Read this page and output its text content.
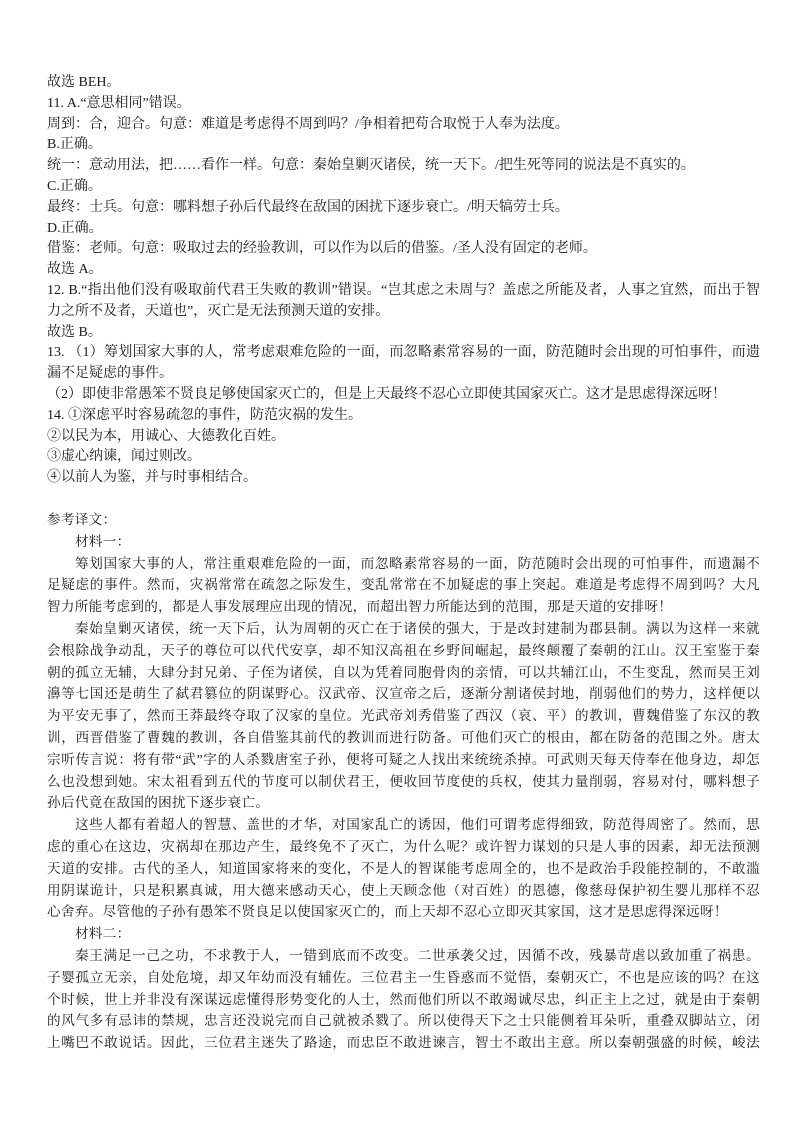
故选 BEH。
11. A.“意思相同”错误。
周到：合，迎合。句意：难道是考虑得不周到吗？/争相着把苟合取悦于人奉为法度。
B.正确。
统一：意动用法，把……看作一样。句意：秦始皇剿灭诸侯，统一天下。/把生死等同的说法是不真实的。
C.正确。
最终：士兵。句意：哪料想子孙后代最终在敌国的困扰下逐步衰亡。/明天犒劳士兵。
D.正确。
借鉴：老师。句意：吸取过去的经验教训，可以作为以后的借鉴。/圣人没有固定的老师。
故选 A。
12. B.“指出他们没有吸取前代君王失败的教训”错误。“岂其虑之未周与？盖虑之所能及者，人事之宜然，而出于智
力之所不及者，天道也”，灭亡是无法预测天道的安排。
故选 B。
13. （1）筹划国家大事的人，常考虑艰难危险的一面，而忽略素常容易的一面，防范随时会出现的可怕事件，而遗
漏不足疑虑的事件。
（2）即使非常愚笨不贤良足够使国家灭亡的，但是上天最终不忍心立即使其国家灭亡。这才是思虑得深远呀！
14. ①深虑平时容易疏忽的事件，防范灾祸的发生。
②以民为本，用诚心、大德教化百姓。
③虚心纳谏，闻过则改。
④以前人为鉴，并与时事相结合。
参考译文：
材料一：
筹划国家大事的人，常注重艰难危险的一面，而忽略素常容易的一面，防范随时会出现的可怕事件，而遗漏不
足疑虑的事件。然而，灾祸常常在疏忽之际发生，变乱常常在不加疑虑的事上突起。难道是考虑得不周到吗？大凡
智力所能考虑到的，都是人事发展理应出现的情况，而超出智力所能达到的范围，那是天道的安排呀！
秦始皇剿灭诸侯，统一天下后，认为周朝的灭亡在于诸侯的强大，于是改封建制为郡县制。满以为这样一来就
会根除战争动乱，天子的尊位可以代代安享，却不知汉高祖在乡野间崛起，最终颠覆了秦朝的江山。汉王室鉴于秦
朝的孤立无辅，大肆分封兄弟、子侄为诸侯，自以为凭着同胞骨肉的亲情，可以共辅江山，不生变乱，然而吴王刘
濞等七国还是萌生了弑君篡位的阴谋野心。汉武帝、汉宣帝之后，逐渐分割诸侯封地，削弱他们的势力，这样便以
为平安无事了，然而王莽最终夺取了汉家的皇位。光武帝刘秀借鉴了西汉（哀、平）的教训，曹魏借鉴了东汉的教
训，西晋借鉴了曹魏的教训，各自借鉴其前代的教训而进行防备。可他们灭亡的根由，都在防备的范围之外。唐太
宗听传言说：将有带“武”字的人杀戮唐室子孙，便将可疑之人找出来统统杀掉。可武则天每天侍奉在他身边，却怎
么也没想到她。宋太祖看到五代的节度可以制伏君王，便收回节度使的兵权，使其力量削弱，容易对付，哪料想子
孙后代竟在敌国的困扰下逐步衰亡。
这些人都有着超人的智慧、盖世的才华，对国家乱亡的诱因，他们可谓考虑得细致，防范得周密了。然而，思
虑的重心在这边，灾祸却在那边产生，最终免不了灭亡，为什么呢？或许智力谋划的只是人事的因素，却无法预测
天道的安排。古代的圣人，知道国家将来的变化，不是人的智谋能考虑周全的，也不是政治手段能控制的，不敢滥
用阴谋诡计，只是积累真诚，用大德来感动天心，使上天顾念他（对百姓）的恩德，像慈母保护初生婴儿那样不忍
心舍弃。尽管他的子孙有愚笨不贤良足以使国家灭亡的，而上天却不忍心立即灭其家国，这才是思虑得深远呀！
材料二：
秦王满足一己之功，不求教于人，一错到底而不改变。二世承袭父过，因循不改，残暴苛虐以致加重了祸患。
子婴孤立无亲，自处危境，却又年幼而没有辅佐。三位君主一生昏惑而不觉悟，秦朝灭亡，不也是应该的吗？在这
个时候，世上并非没有深谋远虑懂得形势变化的人士，然而他们所以不敢竭诚尽忠，纠正主上之过，就是由于秦朝
的风气多有忌讳的禁规，忠言还没说完而自己就被杀戮了。所以使得天下之士只能侧着耳朵听，重叠双脚站立，闭
上嘴巴不敢说话。因此，三位君主迷失了路途，而忠臣不敢进谏言，智士不敢出主意。所以秦朝强盛的时候，峻法
